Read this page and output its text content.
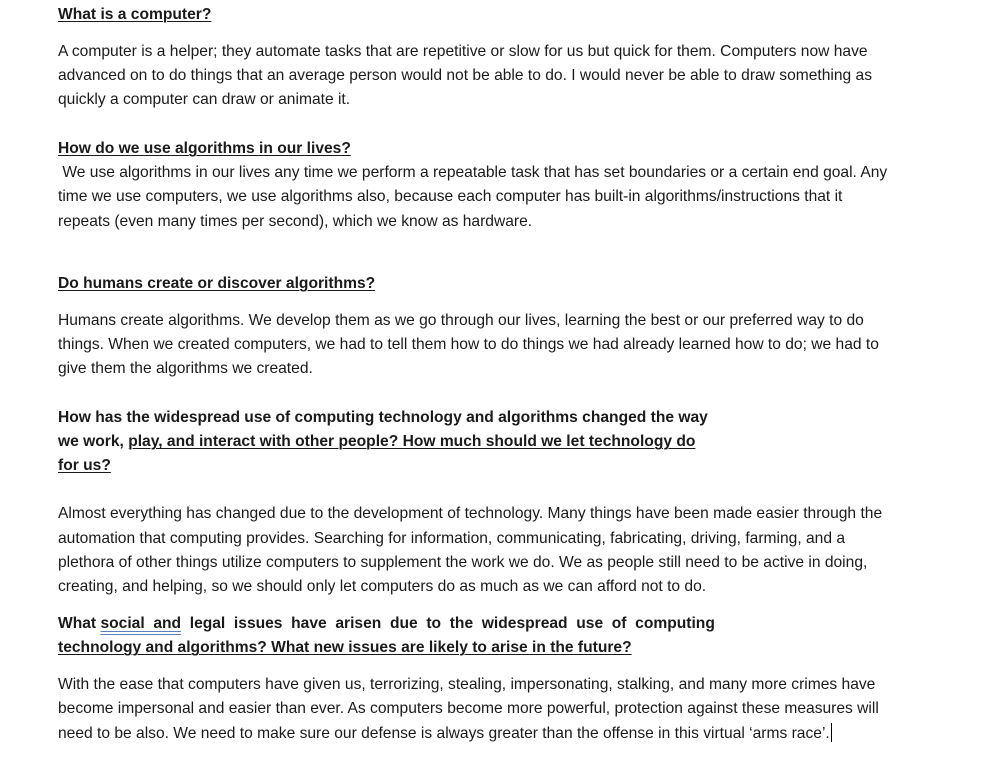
What is a computer?
A computer is a helper; they automate tasks that are repetitive or slow for us but quick for them. Computers now have
advanced on to do things that an average person would not be able to do. I would never be able to draw something as
quickly a computer can draw or animate it.
How do we use algorithms in our lives?
We use algorithms in our lives any time we perform a repeatable task that has set boundaries or a certain end goal. Any
time we use computers, we use algorithms also, because each computer has built-in algorithms/instructions that it
repeats (even many times per second), which we know as hardware.
Do humans create or discover algorithms?
Humans create algorithms. We develop them as we go through our lives, learning the best or our preferred way to do
things. When we created computers, we had to tell them how to do things we had already learned how to do; we had to
give them the algorithms we created.
How has the widespread use of computing technology and algorithms changed the way
we work, play, and interact with other people? How much should we let technology do
for us?
Almost everything has changed due to the development of technology. Many things have been made easier through the
automation that computing provides. Searching for information, communicating, fabricating, driving, farming, and a
plethora of other things utilize computers to supplement the work we do. We as people still need to be active in doing,
creating, and helping, so we should only let computers do as much as we can afford not to do.
What social  and legal  issues  have  arisen  due  to  the  widespread  use  of  computing
technology and algorithms? What new issues are likely to arise in the future?
With the ease that computers have given us, terrorizing, stealing, impersonating, stalking, and many more crimes have
become impersonal and easier than ever. As computers become more powerful, protection against these measures will
need to be also. We need to make sure our defense is always greater than the offense in this virtual ‘arms race’.
